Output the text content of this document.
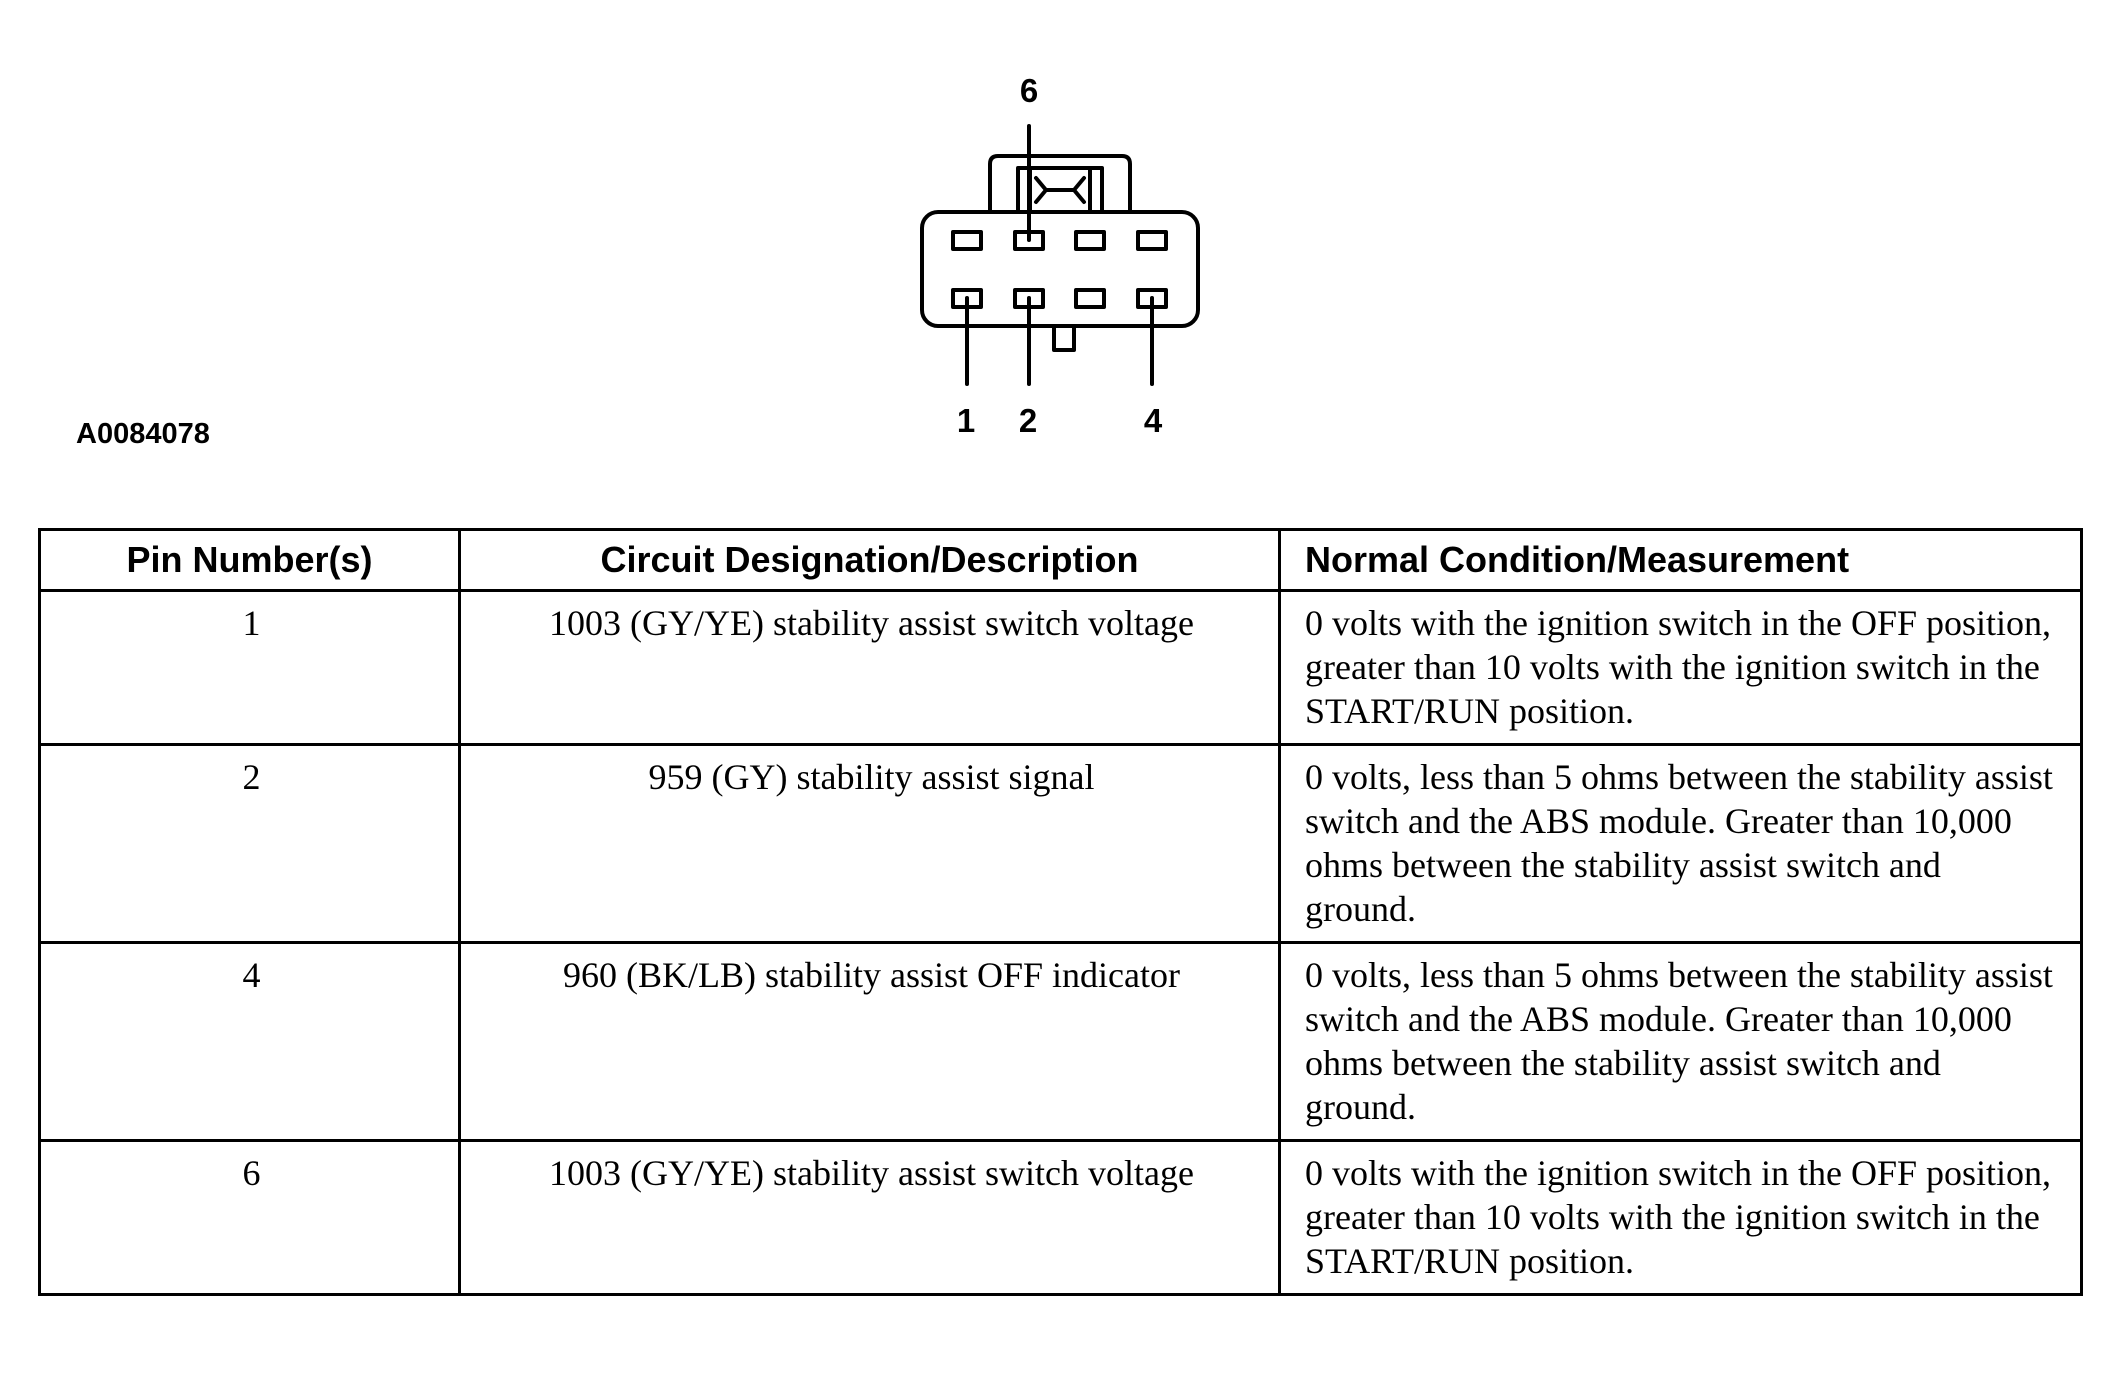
6
1 2	4
A0084078
Pin Number(s)	Circuit Designation/Description	Normal Condition/Measurement
1	1003 (GY/YE) stability assist switch voltage	0 volts with the ignition switch in the OFF position, greater than 10 volts with the ignition switch in the START/RUN position.
2	959 (GY) stability assist signal	0 volts, less than 5 ohms between the stability assist switch and the ABS module. Greater than 10,000 ohms between the stability assist switch and ground.
4	960 (BK/LB) stability assist OFF indicator	0 volts, less than 5 ohms between the stability assist switch and the ABS module. Greater than 10,000 ohms between the stability assist switch and ground.
6	1003 (GY/YE) stability assist switch voltage	0 volts with the ignition switch in the OFF position, greater than 10 volts with the ignition switch in the START/RUN position.
